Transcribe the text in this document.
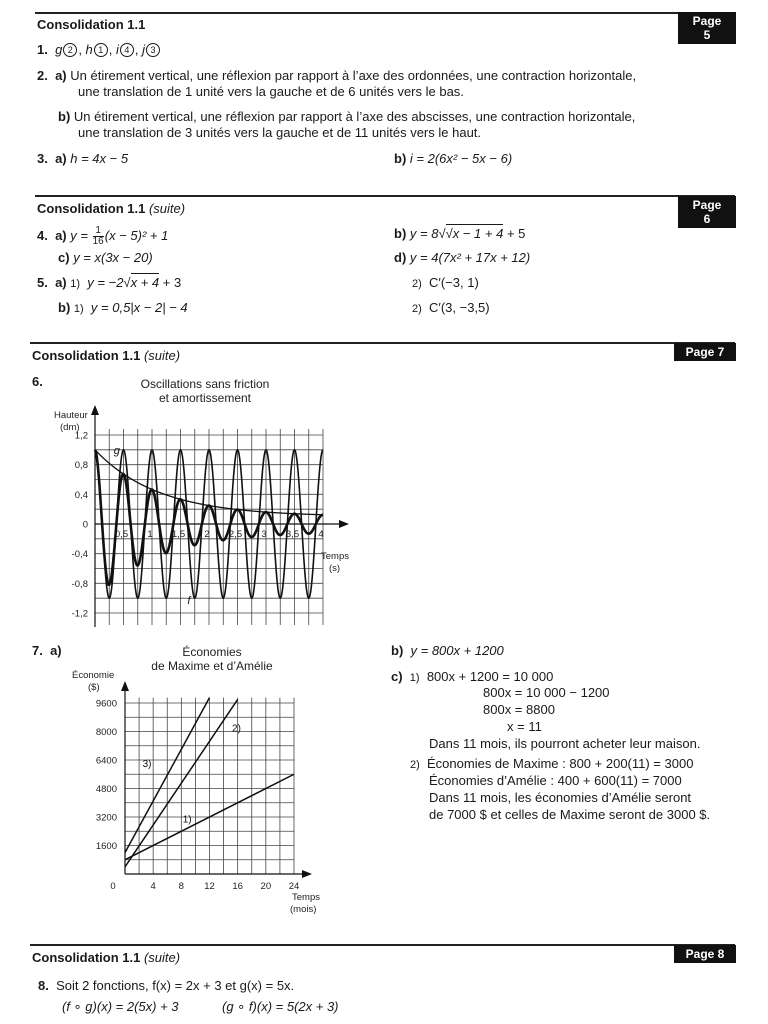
Consolidation 1.1	Page 5
1. g 2 , h 1 , i 4 , j 3
2. a) Un étirement vertical, une réflexion par rapport à l’axe des ordonnées, une contraction horizontale,
une translation de 1 unité vers la gauche et de 6 unités vers le bas.
b) Un étirement vertical, une réflexion par rapport à l’axe des abscisses, une contraction horizontale,
une translation de 3 unités vers la gauche et de 11 unités vers le haut.
3. a) h = 4x − 5	b) i = 2(6x² − 5x − 6)
Consolidation 1.1 (suite)	Page 6
4. a) $y = \frac{1}{16} (x - 5)^2 + 1$	b) y = 8√√x − 1 + 4 + 5
c) y = x(3x − 20)	d) y = 4(7x² + 17x + 12)
5. a) 1) y = −2√x + 4 + 3	2) C′(−3, 1)
b) 1) y = 0,5|x − 2| − 4	2) C′(3, −3,5)
Consolidation 1.1 (suite)	Page 7
6.	Oscillations sans friction
et amortissement
Hauteur
(dm)
Temps
(s)
1,2
0,8
0,4
0
-0,4
-0,8
-1,2
0,5 1 1,5 2 2,5 3 3,5 4
g
f
7. a)	Économies
de Maxime et d’Amélie
Économie
($)
Temps
(mois)
9600
8000
6400
4800
3200
1600
0	4 8 12 16 20 24
1)
2)
3)
b) y = 800x + 1200
c) 1) 800x + 1200 = 10 000
800x = 10 000 − 1200
800x = 8800
x = 11
Dans 11 mois, ils pourront acheter leur maison.
2) Économies de Maxime : 800 + 200(11) = 3000
Économies d’Amélie : 400 + 600(11) = 7000
Dans 11 mois, les économies d’Amélie seront
de 7000 $ et celles de Maxime seront de 3000 $.
Consolidation 1.1 (suite)	Page 8
8. Soit 2 fonctions, f(x) = 2x + 3 et g(x) = 5x.
(f ∘ g)(x) = 2(5x) + 3	(g ∘ f)(x) = 5(2x + 3)
